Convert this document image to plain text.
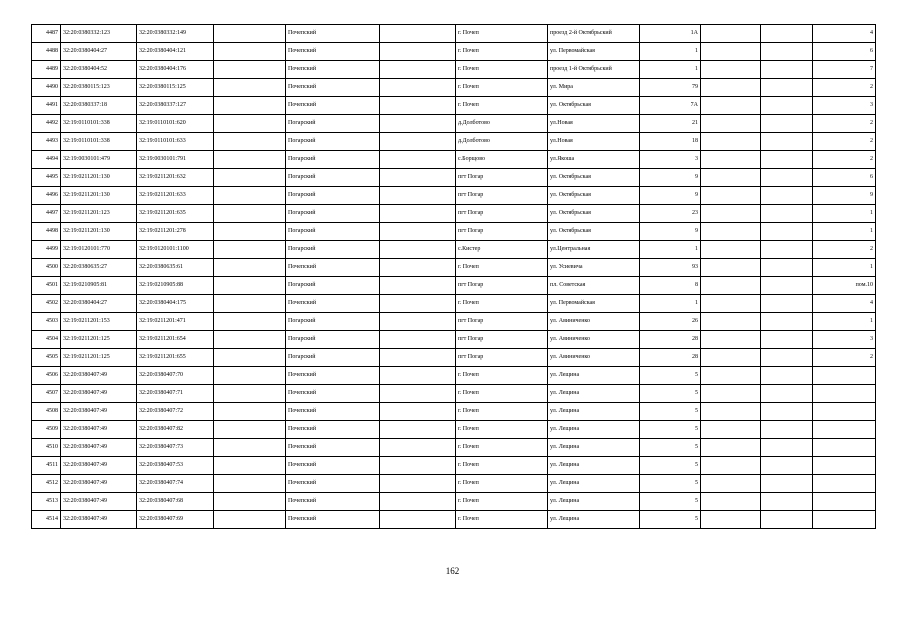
4487	32:20:0380332:123	32:20:0380332:149		Почепский		г. Почеп	проезд 2-й Октябрьский	1А			4
4488	32:20:0380404:27	32:20:0380404:121		Почепский		г. Почеп	ул. Первомайская	1			6
4489	32:20:0380404:52	32:20:0380404:176		Почепский		г. Почеп	проезд 1-й Октябрьский	1			7
4490	32:20:0380115:123	32:20:0380115:125		Почепский		г. Почеп	ул. Мира	79			2
4491	32:20:0380337:18	32:20:0380337:127		Почепский		г. Почеп	ул. Октябрьская	7А			3
4492	32:19:0110101:338	32:19:0110101:620		Погарский		д.Долботово	ул.Новая	21			2
4493	32:19:0110101:338	32:19:0110101:633		Погарский		д.Долботово	ул.Новая	18			2
4494	32:19:0030101:479	32:19:0030101:791		Погарский		с.Борщово	ул.Якоша	3			2
4495	32:19:0211201:130	32:19:0211201:632		Погарский		пгт Погар	ул. Октябрьская	9			6
4496	32:19:0211201:130	32:19:0211201:633		Погарский		пгт Погар	ул. Октябрьская	9			9
4497	32:19:0211201:123	32:19:0211201:635		Погарский		пгт Погар	ул. Октябрьская	23			1
4498	32:19:0211201:130	32:19:0211201:278		Погарский		пгт Погар	ул. Октябрьская	9			1
4499	32:19:0120101:770	32:19:0120101:1100		Погарский		с.Кистер	ул.Центральная	1			2
4500	32:20:0380635:27	32:20:0380635:61		Почепский		г. Почеп	ул. Усиевича	93			1
4501	32:19:0210905:81	32:19:0210905:88		Погарский		пгт Погар	пл. Советская	8			пом.10
4502	32:20:0380404:27	32:20:0380404:175		Почепский		г. Почеп	ул. Первомайская	1			4
4503	32:19:0211201:153	32:19:0211201:471		Погарский		пгт Погар	ул. Авиниченко	26			1
4504	32:19:0211201:125	32:19:0211201:654		Погарский		пгт Погар	ул. Авиниченко	28			3
4505	32:19:0211201:125	32:19:0211201:655		Погарский		пгт Погар	ул. Авиниченко	28			2
4506	32:20:0380407:49	32:20:0380407:70		Почепский		г. Почеп	ул. Лещина	5			
4507	32:20:0380407:49	32:20:0380407:71		Почепский		г. Почеп	ул. Лещина	5			
4508	32:20:0380407:49	32:20:0380407:72		Почепский		г. Почеп	ул. Лещина	5			
4509	32:20:0380407:49	32:20:0380407:82		Почепский		г. Почеп	ул. Лещина	5			
4510	32:20:0380407:49	32:20:0380407:73		Почепский		г. Почеп	ул. Лещина	5			
4511	32:20:0380407:49	32:20:0380407:53		Почепский		г. Почеп	ул. Лещина	5			
4512	32:20:0380407:49	32:20:0380407:74		Почепский		г. Почеп	ул. Лещина	5			
4513	32:20:0380407:49	32:20:0380407:68		Почепский		г. Почеп	ул. Лещина	5			
4514	32:20:0380407:49	32:20:0380407:69		Почепский		г. Почеп	ул. Лещина	5			
162
